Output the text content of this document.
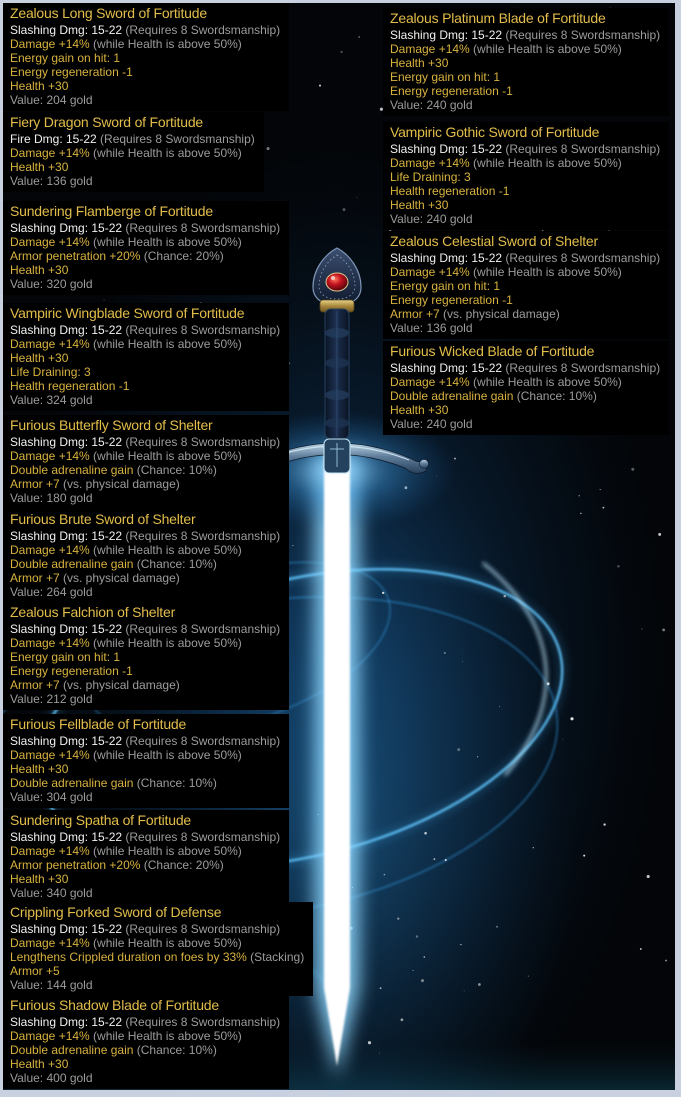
Zealous Long Sword of Fortitude
Slashing Dmg: 15-22 (Requires 8 Swordsmanship)
Damage +14% (while Health is above 50%)
Energy gain on hit: 1
Energy regeneration -1
Health +30
Value: 204 gold
Fiery Dragon Sword of Fortitude
Fire Dmg: 15-22 (Requires 8 Swordsmanship)
Damage +14% (while Health is above 50%)
Health +30
Value: 136 gold
Sundering Flamberge of Fortitude
Slashing Dmg: 15-22 (Requires 8 Swordsmanship)
Damage +14% (while Health is above 50%)
Armor penetration +20% (Chance: 20%)
Health +30
Value: 320 gold
Vampiric Wingblade Sword of Fortitude
Slashing Dmg: 15-22 (Requires 8 Swordsmanship)
Damage +14% (while Health is above 50%)
Health +30
Life Draining: 3
Health regeneration -1
Value: 324 gold
Furious Butterfly Sword of Shelter
Slashing Dmg: 15-22 (Requires 8 Swordsmanship)
Damage +14% (while Health is above 50%)
Double adrenaline gain (Chance: 10%)
Armor +7 (vs. physical damage)
Value: 180 gold
Furious Brute Sword of Shelter
Slashing Dmg: 15-22 (Requires 8 Swordsmanship)
Damage +14% (while Health is above 50%)
Double adrenaline gain (Chance: 10%)
Armor +7 (vs. physical damage)
Value: 264 gold
Zealous Falchion of Shelter
Slashing Dmg: 15-22 (Requires 8 Swordsmanship)
Damage +14% (while Health is above 50%)
Energy gain on hit: 1
Energy regeneration -1
Armor +7 (vs. physical damage)
Value: 212 gold
Furious Fellblade of Fortitude
Slashing Dmg: 15-22 (Requires 8 Swordsmanship)
Damage +14% (while Health is above 50%)
Health +30
Double adrenaline gain (Chance: 10%)
Value: 304 gold
Sundering Spatha of Fortitude
Slashing Dmg: 15-22 (Requires 8 Swordsmanship)
Damage +14% (while Health is above 50%)
Armor penetration +20% (Chance: 20%)
Health +30
Value: 340 gold
Crippling Forked Sword of Defense
Slashing Dmg: 15-22 (Requires 8 Swordsmanship)
Damage +14% (while Health is above 50%)
Lengthens Crippled duration on foes by 33% (Stacking)
Armor +5
Value: 144 gold
Furious Shadow Blade of Fortitude
Slashing Dmg: 15-22 (Requires 8 Swordsmanship)
Damage +14% (while Health is above 50%)
Double adrenaline gain (Chance: 10%)
Health +30
Value: 400 gold
Zealous Platinum Blade of Fortitude
Slashing Dmg: 15-22 (Requires 8 Swordsmanship)
Damage +14% (while Health is above 50%)
Health +30
Energy gain on hit: 1
Energy regeneration -1
Value: 240 gold
Vampiric Gothic Sword of Fortitude
Slashing Dmg: 15-22 (Requires 8 Swordsmanship)
Damage +14% (while Health is above 50%)
Life Draining: 3
Health regeneration -1
Health +30
Value: 240 gold
Zealous Celestial Sword of Shelter
Slashing Dmg: 15-22 (Requires 8 Swordsmanship)
Damage +14% (while Health is above 50%)
Energy gain on hit: 1
Energy regeneration -1
Armor +7 (vs. physical damage)
Value: 136 gold
Furious Wicked Blade of Fortitude
Slashing Dmg: 15-22 (Requires 8 Swordsmanship)
Damage +14% (while Health is above 50%)
Double adrenaline gain (Chance: 10%)
Health +30
Value: 240 gold
